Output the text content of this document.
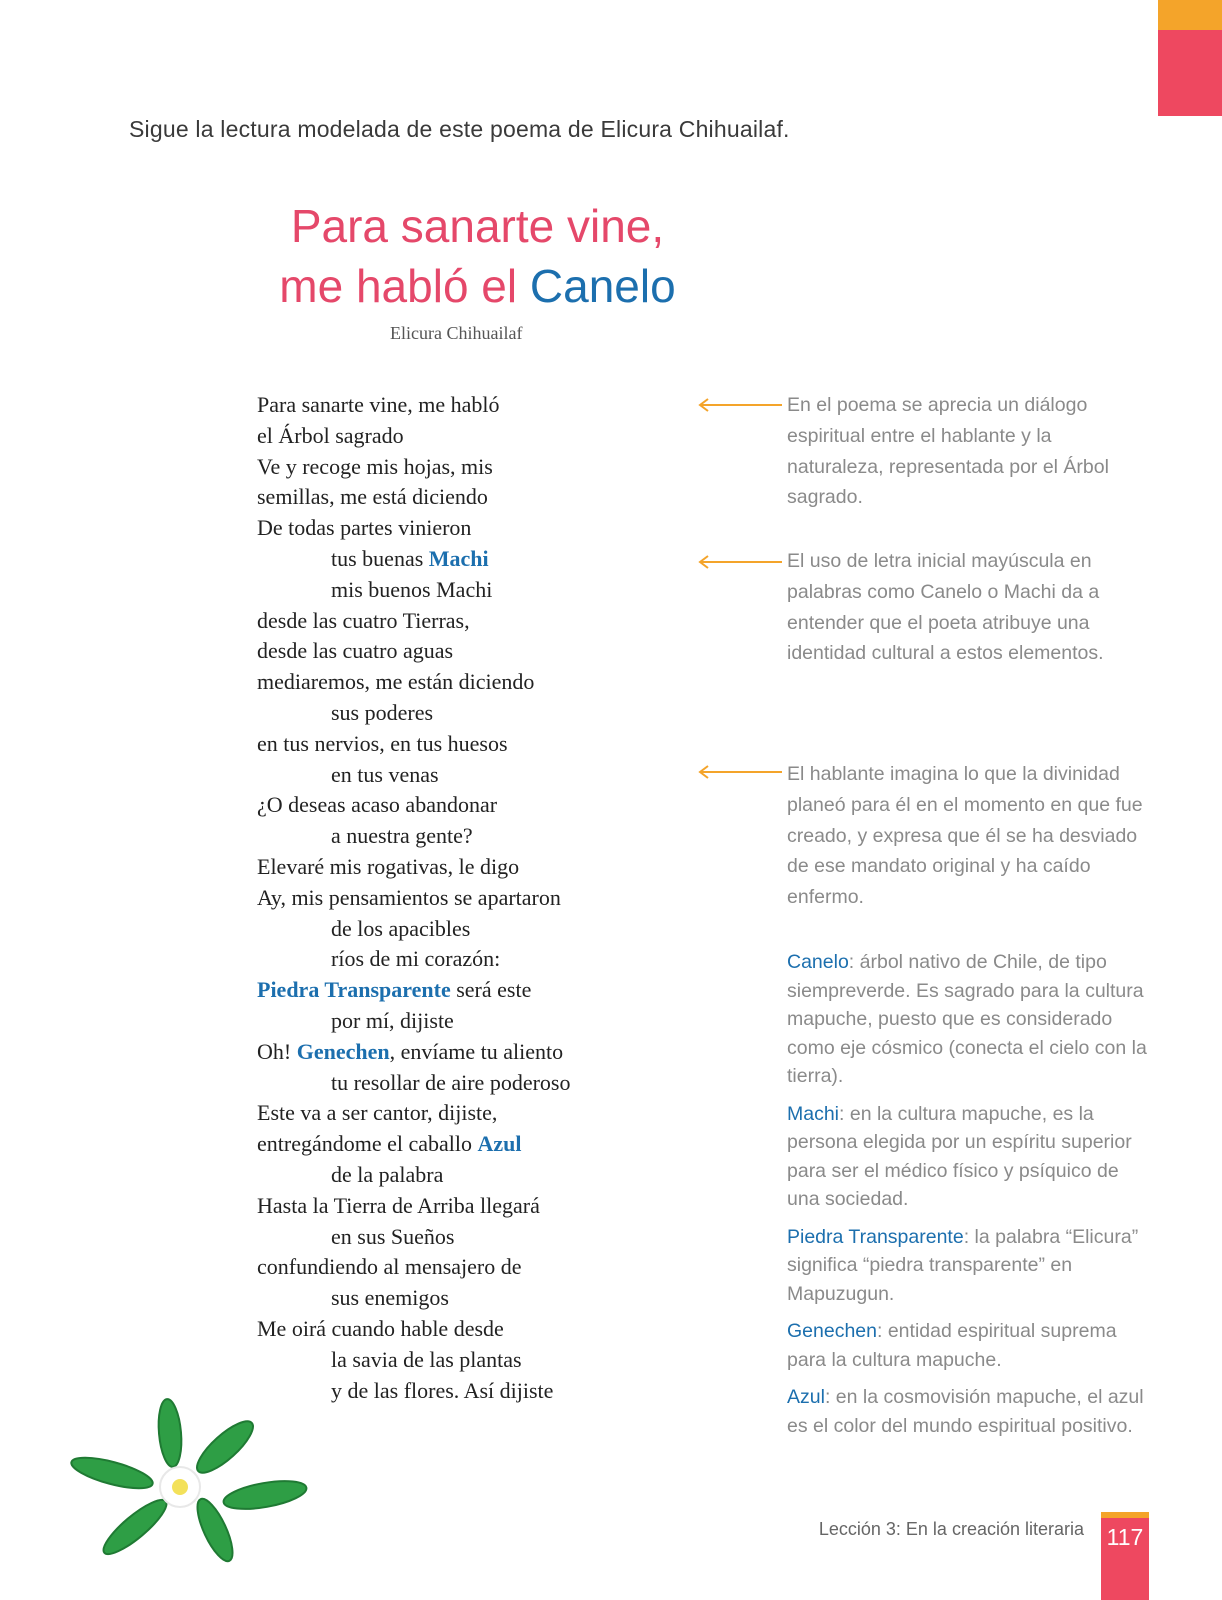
Sigue la lectura modelada de este poema de Elicura Chihuailaf.
Para sanarte vine,
me habló el Canelo
Elicura Chihuailaf
Para sanarte vine, me habló
el Árbol sagrado
Ve y recoge mis hojas, mis
semillas, me está diciendo
De todas partes vinieron
tus buenas Machi
mis buenos Machi
desde las cuatro Tierras,
desde las cuatro aguas
mediaremos, me están diciendo
sus poderes
en tus nervios, en tus huesos
en tus venas
¿O deseas acaso abandonar
a nuestra gente?
Elevaré mis rogativas, le digo
Ay, mis pensamientos se apartaron
de los apacibles
ríos de mi corazón:
Piedra Transparente será este
por mí, dijiste
Oh! Genechen, envíame tu aliento
tu resollar de aire poderoso
Este va a ser cantor, dijiste,
entregándome el caballo Azul
de la palabra
Hasta la Tierra de Arriba llegará
en sus Sueños
confundiendo al mensajero de
sus enemigos
Me oirá cuando hable desde
la savia de las plantas
y de las flores. Así dijiste
En el poema se aprecia un diálogo espiritual entre el hablante y la naturaleza, representada por el Árbol sagrado.
El uso de letra inicial mayúscula en palabras como Canelo o Machi da a entender que el poeta atribuye una identidad cultural a estos elementos.
El hablante imagina lo que la divinidad planeó para él en el momento en que fue creado, y expresa que él se ha desviado de ese mandato original y ha caído enfermo.
Canelo: árbol nativo de Chile, de tipo siempreverde. Es sagrado para la cultura mapuche, puesto que es considerado como eje cósmico (conecta el cielo con la tierra).
Machi: en la cultura mapuche, es la persona elegida por un espíritu superior para ser el médico físico y psíquico de una sociedad.
Piedra Transparente: la palabra “Elicura” significa “piedra transparente” en Mapuzugun.
Genechen: entidad espiritual suprema para la cultura mapuche.
Azul: en la cosmovisión mapuche, el azul es el color del mundo espiritual positivo.
Lección 3: En la creación literaria 117
